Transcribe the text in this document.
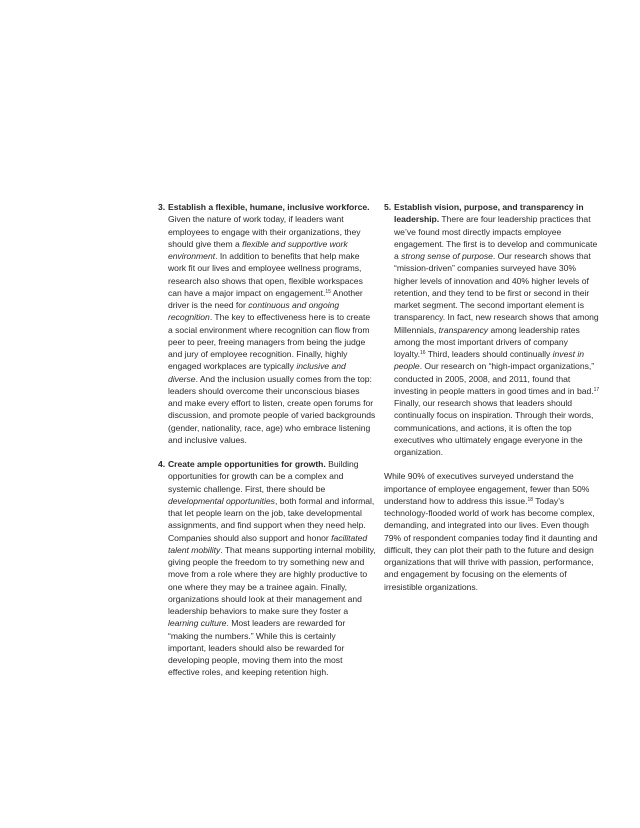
3. Establish a flexible, humane, inclusive workforce. Given the nature of work today, if leaders want employees to engage with their organizations, they should give them a flexible and supportive work environment. In addition to benefits that help make work fit our lives and employee wellness programs, research also shows that open, flexible workspaces can have a major impact on engagement.$^{15}$ Another driver is the need for continuous and ongoing recognition. The key to effectiveness here is to create a social environment where recognition can flow from peer to peer, freeing managers from being the judge and jury of employee recognition. Finally, highly engaged workplaces are typically inclusive and diverse. And the inclusion usually comes from the top: leaders should overcome their unconscious biases and make every effort to listen, create open forums for discussion, and promote people of varied backgrounds (gender, nationality, race, age) who embrace listening and inclusive values.
4. Create ample opportunities for growth. Building opportunities for growth can be a complex and systemic challenge. First, there should be developmental opportunities, both formal and informal, that let people learn on the job, take developmental assignments, and find support when they need help. Companies should also support and honor facilitated talent mobility. That means supporting internal mobility, giving people the freedom to try something new and move from a role where they are highly productive to one where they may be a trainee again. Finally, organizations should look at their management and leadership behaviors to make sure they foster a learning culture. Most leaders are rewarded for “making the numbers.” While this is certainly important, leaders should also be rewarded for developing people, moving them into the most effective roles, and keeping retention high.
5. Establish vision, purpose, and transparency in leadership. There are four leadership practices that we’ve found most directly impacts employee engagement. The first is to develop and communicate a strong sense of purpose. Our research shows that “mission-driven” companies surveyed have 30% higher levels of innovation and 40% higher levels of retention, and they tend to be first or second in their market segment. The second important element is transparency. In fact, new research shows that among Millennials, transparency among leadership rates among the most important drivers of company loyalty.$^{16}$ Third, leaders should continually invest in people. Our research on “high-impact organizations,” conducted in 2005, 2008, and 2011, found that investing in people matters in good times and in bad.$^{17}$ Finally, our research shows that leaders should continually focus on inspiration. Through their words, communications, and actions, it is often the top executives who ultimately engage everyone in the organization.

While 90% of executives surveyed understand the importance of employee engagement, fewer than 50% understand how to address this issue.$^{18}$ Today’s technology-flooded world of work has become complex, demanding, and integrated into our lives. Even though 79% of respondent companies today find it daunting and difficult, they can plot their path to the future and design organizations that will thrive with passion, performance, and engagement by focusing on the elements of irresistible organizations.
